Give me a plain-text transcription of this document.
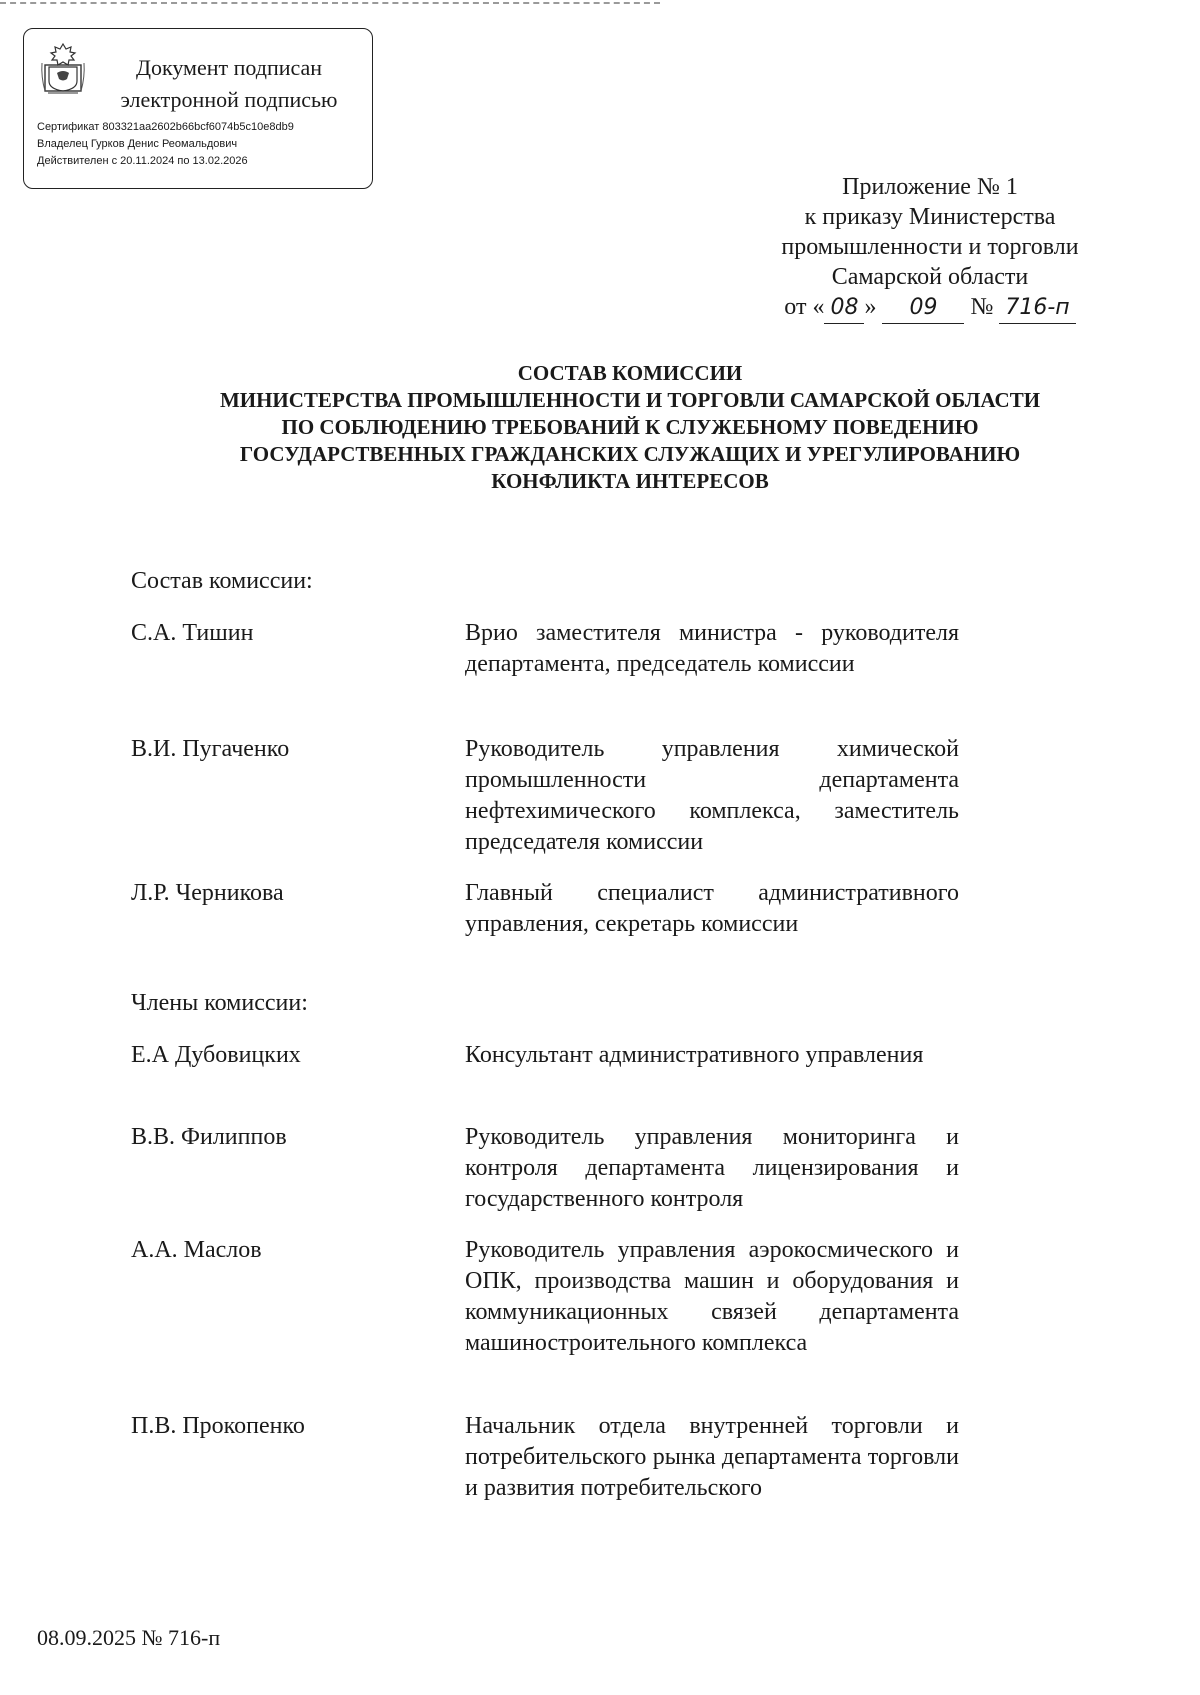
Документ подписан
электронной подписью
Сертификат 803321aa2602b66bcf6074b5c10e8db9
Владелец Гурков Денис Реомальдович
Действителен с 20.11.2024 по 13.02.2026
Приложение № 1
к приказу Министерства
промышленности и торговли
Самарской области
от « 08 » 09 № 716-п
СОСТАВ КОМИССИИ
МИНИСТЕРСТВА ПРОМЫШЛЕННОСТИ И ТОРГОВЛИ САМАРСКОЙ ОБЛАСТИ
ПО СОБЛЮДЕНИЮ ТРЕБОВАНИЙ К СЛУЖЕБНОМУ ПОВЕДЕНИЮ
ГОСУДАРСТВЕННЫХ ГРАЖДАНСКИХ СЛУЖАЩИХ И УРЕГУЛИРОВАНИЮ
КОНФЛИКТА ИНТЕРЕСОВ
Состав комиссии:
С.А. Тишин	Врио заместителя министра - руководителя департамента, председатель комиссии
В.И. Пугаченко	Руководитель управления химической промышленности департамента нефтехимического комплекса, заместитель председателя комиссии
Л.Р. Черникова	Главный специалист административного управления, секретарь комиссии
Члены комиссии:
Е.А Дубовицких	Консультант административного управления
В.В. Филиппов	Руководитель управления мониторинга и контроля департамента лицензирования и государственного контроля
А.А. Маслов	Руководитель управления аэрокосмического и ОПК, производства машин и оборудования и коммуникационных связей департамента машиностроительного комплекса
П.В. Прокопенко	Начальник отдела внутренней торговли и потребительского рынка департамента торговли и развития потребительского
08.09.2025 № 716-п
